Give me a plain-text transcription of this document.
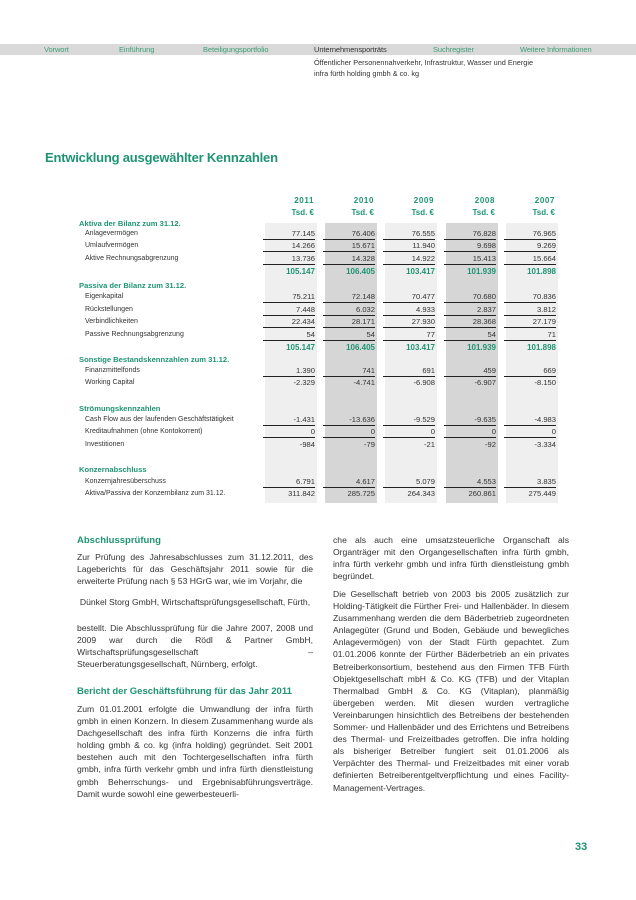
Vorwort	Einführung	Beteiligungsportfolio	Unternehmensporträts	Suchregister	Weitere Informationen
Öffentlicher Personennahverkehr, Infrastruktur, Wasser und Energie
infra fürth holding gmbh & co. kg
Entwicklung ausgewählter Kennzahlen
2011	2010	2009	2008	2007
Tsd. €	Tsd. €	Tsd. €	Tsd. €	Tsd. €
Aktiva der Bilanz zum 31.12.
Anlagevermögen	77.145	76.406	76.555	76.828	76.965
Umlaufvermögen	14.266	15.671	11.940	9.698	9.269
Aktive Rechnungsabgrenzung	13.736	14.328	14.922	15.413	15.664
105.147	106.405	103.417	101.939	101.898
Passiva der Bilanz zum 31.12.
Eigenkapital	75.211	72.148	70.477	70.680	70.836
Rückstellungen	7.448	6.032	4.933	2.837	3.812
Verbindlichkeiten	22.434	28.171	27.930	28.368	27.179
Passive Rechnungsabgrenzung	54	54	77	54	71
105.147	106.405	103.417	101.939	101.898
Sonstige Bestandskennzahlen zum 31.12.
Finanzmittelfonds	1.390	741	691	459	669
Working Capital	-2.329	-4.741	-6.908	-6.907	-8.150
Strömungskennzahlen
Cash Flow aus der laufenden Geschäftstätigkeit	-1.431	-13.636	-9.529	-9.635	-4.983
Kreditaufnahmen (ohne Kontokorrent)	0	0	0	0	0
Investitionen	-984	-79	-21	-92	-3.334
Konzernabschluss
Konzernjahresüberschuss	6.791	4.617	5.079	4.553	3.835
Aktiva/Passiva der Konzernbilanz zum 31.12.	311.842	285.725	264.343	260.861	275.449
Abschlussprüfung

Zur Prüfung des Jahresabschlusses zum 31.12.2011, des Lageberichts für das Geschäftsjahr 2011 sowie für die erweiterte Prüfung nach § 53 HGrG war, wie im Vorjahr, die

Dünkel Storg GmbH, Wirtschaftsprüfungsgesellschaft, Fürth,

bestellt. Die Abschlussprüfung für die Jahre 2007, 2008 und 2009 war durch die Rödl & Partner GmbH, Wirtschaftsprüfungsgesellschaft – Steuerberatungsgesellschaft, Nürnberg, erfolgt.

Bericht der Geschäftsführung für das Jahr 2011

Zum 01.01.2001 erfolgte die Umwandlung der infra fürth gmbh in einen Konzern. In diesem Zusammenhang wurde als Dachgesellschaft des infra fürth Konzerns die infra fürth holding gmbh & co. kg (infra holding) gegründet. Seit 2001 bestehen auch mit den Tochtergesellschaften infra fürth gmbh, infra fürth verkehr gmbh und infra fürth dienstleistung gmbh Beherrschungs- und Ergebnisabführungsverträge. Damit wurde sowohl eine gewerbesteuerli-

che als auch eine umsatzsteuerliche Organschaft als Organträger mit den Organgesellschaften infra fürth gmbh, infra fürth verkehr gmbh und infra fürth dienstleistung gmbh begründet.

Die Gesellschaft betrieb von 2003 bis 2005 zusätzlich zur Holding-Tätigkeit die Fürther Frei- und Hallenbäder. In diesem Zusammenhang werden die dem Bäderbetrieb zugeordneten Anlagegüter (Grund und Boden, Gebäude und bewegliches Anlagevermögen) von der Stadt Fürth gepachtet. Zum 01.01.2006 konnte der Fürther Bäderbetrieb an ein privates Betreiberkonsortium, bestehend aus den Firmen TFB Fürth Objektgesellschaft mbH & Co. KG (TFB) und der Vitaplan Thermalbad GmbH & Co. KG (Vitaplan), planmäßig übergeben werden. Mit diesen wurden vertragliche Vereinbarungen hinsichtlich des Betreibens der bestehenden Sommer- und Hallenbäder und des Errichtens und Betreibens des Thermal- und Freizeitbades getroffen. Die infra holding als bisheriger Betreiber fungiert seit 01.01.2006 als Verpächter des Thermal- und Freizeitbades mit einer vorab definierten Betreiberentgeltverpflichtung und eines Facility-Management-Vertrages.

33
